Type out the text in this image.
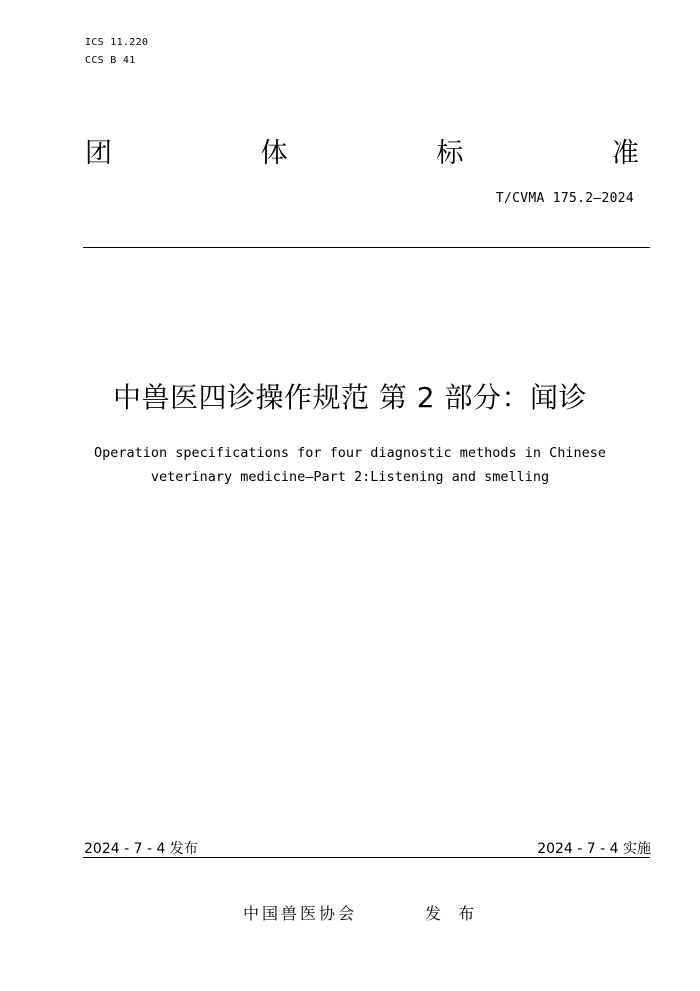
ICS 11.220
CCS B 41
团	体	标	准
T/CVMA 175.2—2024
中兽医四诊操作规范 第 2 部分：闻诊
Operation specifications for four diagnostic methods in Chinese
veterinary medicine—Part 2:Listening and smelling
2024 - 7 - 4 发布	2024 - 7 - 4 实施
中国兽医协会	发 布
